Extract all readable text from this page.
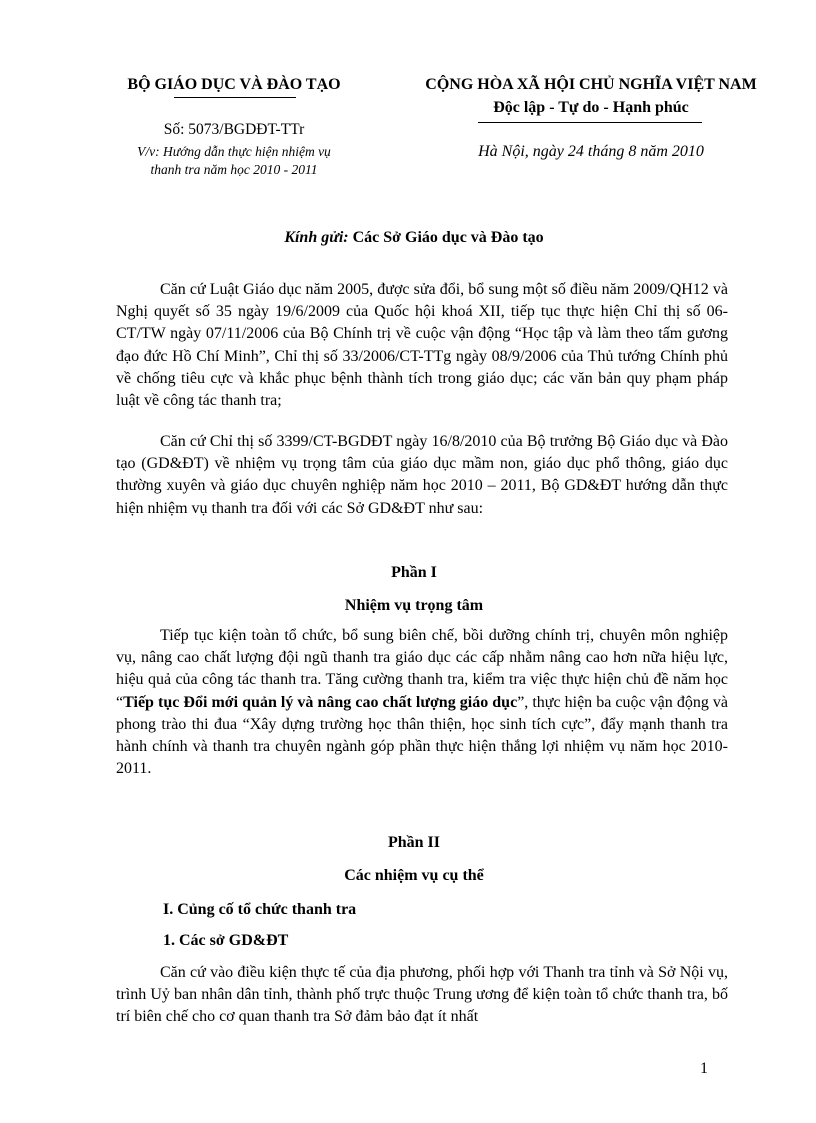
BỘ GIÁO DỤC VÀ ĐÀO TẠO
Số: 5073/BGDĐT-TTr
V/v: Hướng dẫn thực hiện nhiệm vụ
thanh tra năm học 2010 - 2011
CỘNG HÒA XÃ HỘI CHỦ NGHĨA VIỆT NAM
Độc lập - Tự do - Hạnh phúc
Hà Nội, ngày 24 tháng 8 năm 2010
Kính gửi: Các Sở Giáo dục và Đào tạo

Căn cứ Luật Giáo dục năm 2005, được sửa đổi, bổ sung một số điều năm 2009/QH12 và Nghị quyết số 35 ngày 19/6/2009 của Quốc hội khoá XII, tiếp tục thực hiện Chỉ thị số 06-CT/TW ngày 07/11/2006 của Bộ Chính trị về cuộc vận động “Học tập và làm theo tấm gương đạo đức Hồ Chí Minh”, Chỉ thị số 33/2006/CT-TTg ngày 08/9/2006 của Thủ tướng Chính phủ về chống tiêu cực và khắc phục bệnh thành tích trong giáo dục; các văn bản quy phạm pháp luật về công tác thanh tra;

Căn cứ Chỉ thị số 3399/CT-BGDĐT ngày 16/8/2010 của Bộ trưởng Bộ Giáo dục và Đào tạo (GD&ĐT) về nhiệm vụ trọng tâm của giáo dục mầm non, giáo dục phổ thông, giáo dục thường xuyên và giáo dục chuyên nghiệp năm học 2010 – 2011, Bộ GD&ĐT hướng dẫn thực hiện nhiệm vụ thanh tra đối với các Sở GD&ĐT như sau:

Phần I
Nhiệm vụ trọng tâm

Tiếp tục kiện toàn tổ chức, bổ sung biên chế, bồi dưỡng chính trị, chuyên môn nghiệp vụ, nâng cao chất lượng đội ngũ thanh tra giáo dục các cấp nhằm nâng cao hơn nữa hiệu lực, hiệu quả của công tác thanh tra. Tăng cường thanh tra, kiểm tra việc thực hiện chủ đề năm học “Tiếp tục Đổi mới quản lý và nâng cao chất lượng giáo dục”, thực hiện ba cuộc vận động và phong trào thi đua “Xây dựng trường học thân thiện, học sinh tích cực”, đẩy mạnh thanh tra hành chính và thanh tra chuyên ngành góp phần thực hiện thắng lợi nhiệm vụ năm học 2010-2011.

Phần II
Các nhiệm vụ cụ thể
I. Củng cố tổ chức thanh tra
1. Các sở GD&ĐT

Căn cứ vào điều kiện thực tế của địa phương, phối hợp với Thanh tra tỉnh và Sở Nội vụ, trình Uỷ ban nhân dân tỉnh, thành phố trực thuộc Trung ương để kiện toàn tổ chức thanh tra, bố trí biên chế cho cơ quan thanh tra Sở đảm bảo đạt ít nhất

1
